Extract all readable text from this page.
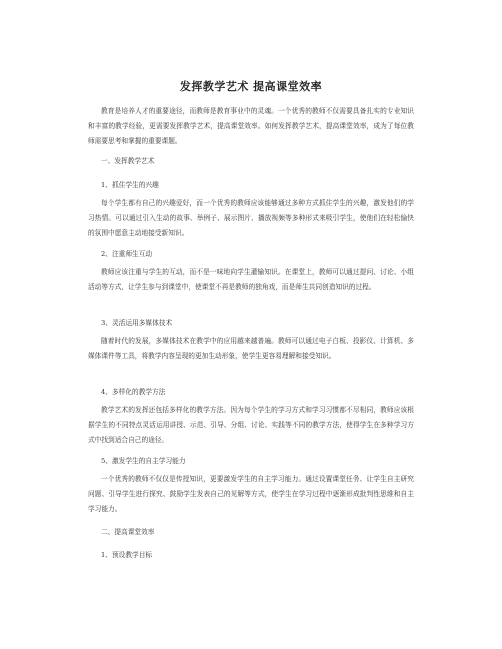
发挥教学艺术 提高课堂效率

教育是培养人才的重要途径，而教师是教育事业中的灵魂。一个优秀的教师不仅需要具备扎实的专业知识和丰富的教学经验，更需要发挥教学艺术，提高课堂效率。如何发挥教学艺术，提高课堂效率，成为了每位教师需要思考和掌握的重要课题。

一、发挥教学艺术

1、抓住学生的兴趣

每个学生都有自己的兴趣爱好，而一个优秀的教师应该能够通过多种方式抓住学生的兴趣，激发他们的学习热情。可以通过引入生动的故事、举例子、展示图片、播放视频等多种形式来吸引学生，使他们在轻松愉快的氛围中愿意主动地接受新知识。

2、注重师生互动

教师应该注重与学生的互动，而不是一味地向学生灌输知识。在课堂上，教师可以通过提问、讨论、小组活动等方式，让学生参与到课堂中，使课堂不再是教师的独角戏，而是师生共同创造知识的过程。

3、灵活运用多媒体技术

随着时代的发展，多媒体技术在教学中的应用越来越普遍。教师可以通过电子白板、投影仪、计算机、多媒体课件等工具，将教学内容呈现的更加生动形象，使学生更容易理解和接受知识。

4、多样化的教学方法

教学艺术的发挥还包括多样化的教学方法。因为每个学生的学习方式和学习习惯都不尽相同，教师应该根据学生的不同特点灵活运用讲授、示范、引导、分组、讨论、实践等不同的教学方法，使得学生在多种学习方式中找到适合自己的途径。

5、激发学生的自主学习能力

一个优秀的教师不仅仅是传授知识，更要激发学生的自主学习能力。通过设置课堂任务、让学生自主研究问题、引导学生进行探究、鼓励学生发表自己的见解等方式，使学生在学习过程中逐渐形成批判性思维和自主学习能力。

二、提高课堂效率

1、预设教学目标
